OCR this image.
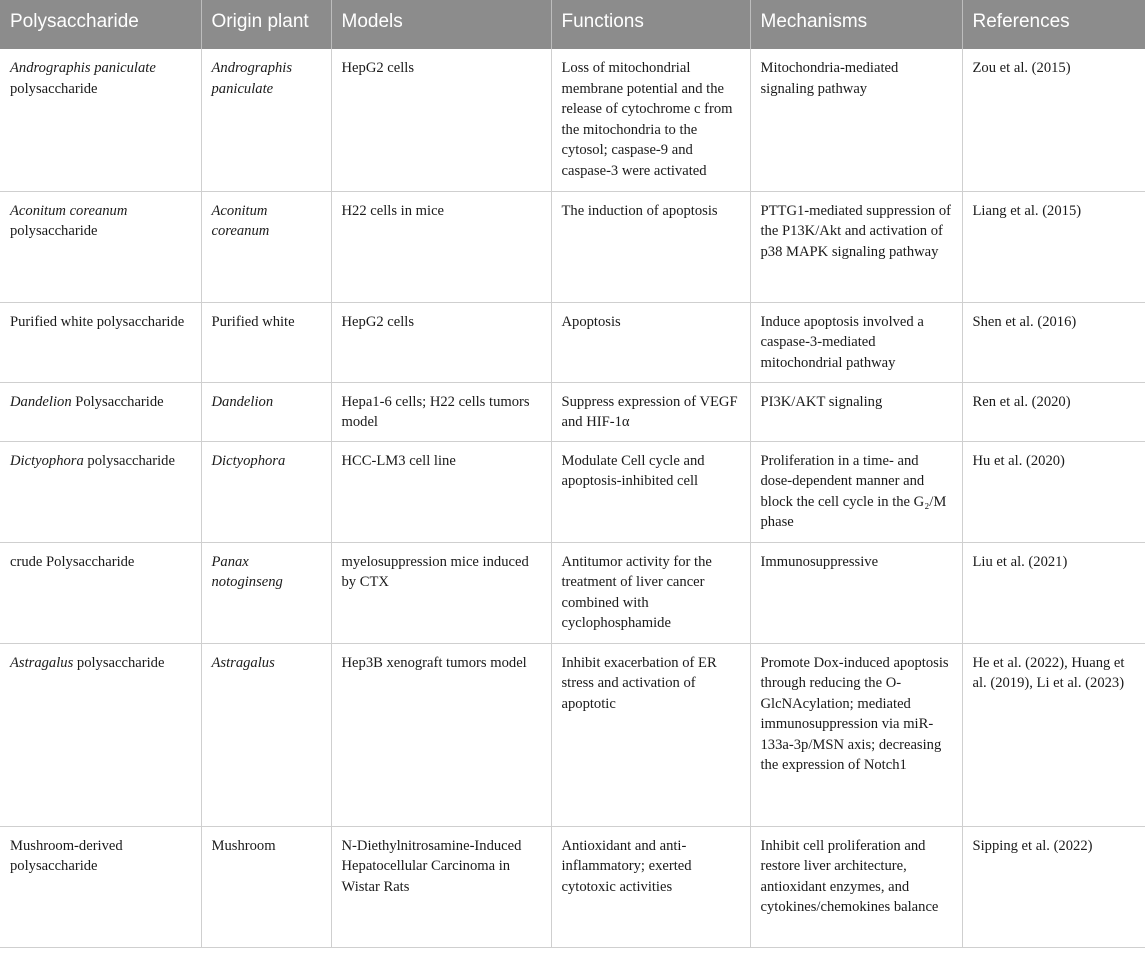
Polysaccharide	Origin plant	Models	Functions	Mechanisms	References
Andrographis paniculate polysaccharide	Andrographis paniculate	HepG2 cells	Loss of mitochondrial membrane potential and the release of cytochrome c from the mitochondria to the cytosol; caspase-9 and caspase-3 were activated	Mitochondria-mediated signaling pathway	Zou et al. (2015)
Aconitum coreanum polysaccharide	Aconitum coreanum	H22 cells in mice	The induction of apoptosis	PTTG1-mediated suppression of the P13K/Akt and activation of p38 MAPK signaling pathway	Liang et al. (2015)
Purified white polysaccharide	Purified white	HepG2 cells	Apoptosis	Induce apoptosis involved a caspase-3-mediated mitochondrial pathway	Shen et al. (2016)
Dandelion Polysaccharide	Dandelion	Hepa1-6 cells; H22 cells tumors model	Suppress expression of VEGF and HIF-1α	PI3K/AKT signaling	Ren et al. (2020)
Dictyophora polysaccharide	Dictyophora	HCC-LM3 cell line	Modulate Cell cycle and apoptosis-inhibited cell	Proliferation in a time- and dose-dependent manner and block the cell cycle in the G₂/M phase	Hu et al. (2020)
crude Polysaccharide	Panax notoginseng	myelosuppression mice induced by CTX	Antitumor activity for the treatment of liver cancer combined with cyclophosphamide	Immunosuppressive	Liu et al. (2021)
Astragalus polysaccharide	Astragalus	Hep3B xenograft tumors model	Inhibit exacerbation of ER stress and activation of apoptotic	Promote Dox-induced apoptosis through reducing the O-GlcNAcylation; mediated immunosuppression via miR-133a-3p/MSN axis; decreasing the expression of Notch1	He et al. (2022), Huang et al. (2019), Li et al. (2023)
Mushroom-derived polysaccharide	Mushroom	N-Diethylnitrosamine-Induced Hepatocellular Carcinoma in Wistar Rats	Antioxidant and anti-inflammatory; exerted cytotoxic activities	Inhibit cell proliferation and restore liver architecture, antioxidant enzymes, and cytokines/chemokines balance	Sipping et al. (2022)
